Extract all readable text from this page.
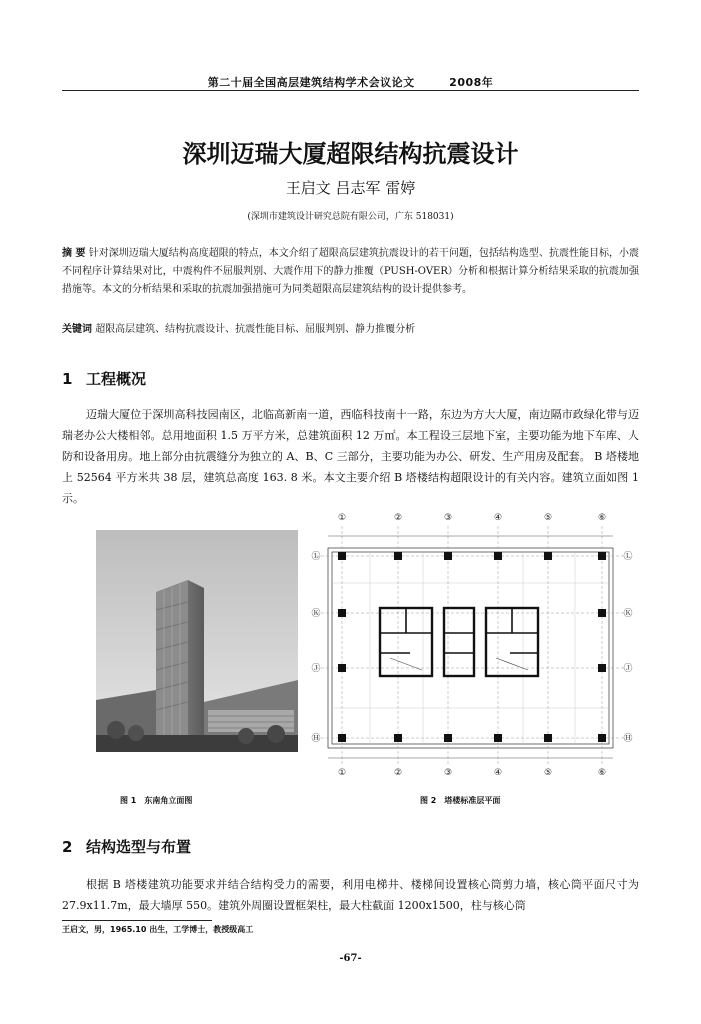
第二十届全国高层建筑结构学术会议论文　　　2008年
深圳迈瑞大厦超限结构抗震设计
王启文 吕志军 雷婷
(深圳市建筑设计研究总院有限公司，广东 518031)
摘 要 针对深圳迈瑞大厦结构高度超限的特点，本文介绍了超限高层建筑抗震设计的若干问题，包括结构选型、抗震性能目标，小震不同程序计算结果对比，中震构件不屈服判别、大震作用下的静力推覆（PUSH-OVER）分析和根据计算分析结果采取的抗震加强措施等。本文的分析结果和采取的抗震加强措施可为同类超限高层建筑结构的设计提供参考。
关键词 超限高层建筑、结构抗震设计、抗震性能目标、屈服判别、静力推覆分析
1 工程概况
迈瑞大厦位于深圳高科技园南区，北临高新南一道，西临科技南十一路，东边为方大大厦，南边隔市政绿化带与迈瑞老办公大楼相邻。总用地面积 1.5 万平方米，总建筑面积 12 万㎡。本工程设三层地下室，主要功能为地下车库、人防和设备用房。地上部分由抗震缝分为独立的 A、B、C 三部分，主要功能为办公、研发、生产用房及配套。 B 塔楼地上 52564 平方米共 38 层，建筑总高度 163. 8 米。本文主要介绍 B 塔楼结构超限设计的有关内容。建筑立面如图 1 示。
①	②	③	④	⑤	⑥
①	②	③	④	⑤	⑥
Ⓛ
Ⓚ
Ⓙ
Ⓗ
Ⓛ
Ⓚ
Ⓙ
Ⓗ
图 1　东南角立面图	图 2　塔楼标准层平面
2 结构选型与布置
根据 B 塔楼建筑功能要求并结合结构受力的需要，利用电梯井、楼梯间设置核心筒剪力墙，核心筒平面尺寸为 27.9x11.7m，最大墙厚 550。建筑外周圈设置框架柱，最大柱截面 1200x1500，柱与核心筒
王启文，男，1965.10 出生，工学博士，教授级高工
-67-
